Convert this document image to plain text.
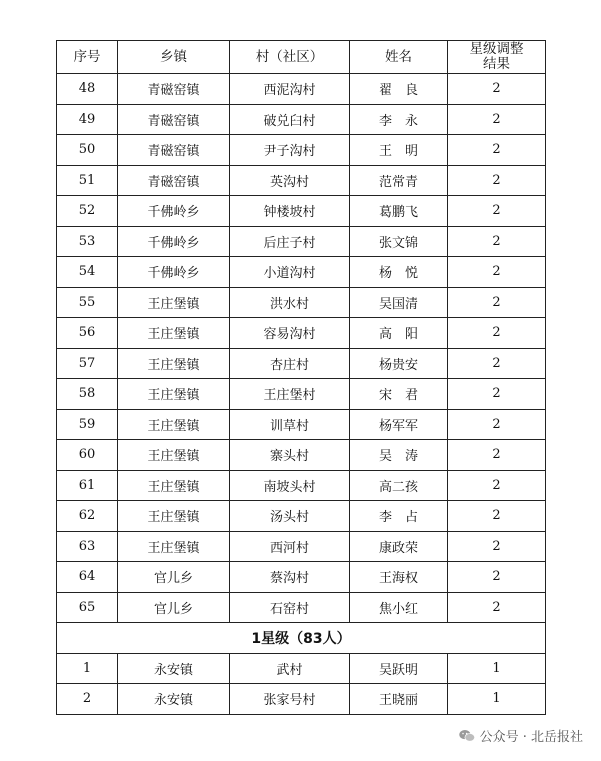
序号	乡镇	村（社区）	姓名	星级调整结果
48	青磁窑镇	西泥沟村	翟　良	2
49	青磁窑镇	破兑臼村	李　永	2
50	青磁窑镇	尹子沟村	王　明	2
51	青磁窑镇	英沟村	范常青	2
52	千佛岭乡	钟楼坡村	葛鹏飞	2
53	千佛岭乡	后庄子村	张文锦	2
54	千佛岭乡	小道沟村	杨　悦	2
55	王庄堡镇	洪水村	吴国清	2
56	王庄堡镇	容易沟村	高　阳	2
57	王庄堡镇	杏庄村	杨贵安	2
58	王庄堡镇	王庄堡村	宋　君	2
59	王庄堡镇	训草村	杨军军	2
60	王庄堡镇	寨头村	吴　涛	2
61	王庄堡镇	南坡头村	高二孩	2
62	王庄堡镇	汤头村	李　占	2
63	王庄堡镇	西河村	康政荣	2
64	官儿乡	蔡沟村	王海权	2
65	官儿乡	石窑村	焦小红	2
1星级（83人）				
1	永安镇	武村	吴跃明	1
2	永安镇	张家号村	王晓丽	1
公众号 · 北岳报社
